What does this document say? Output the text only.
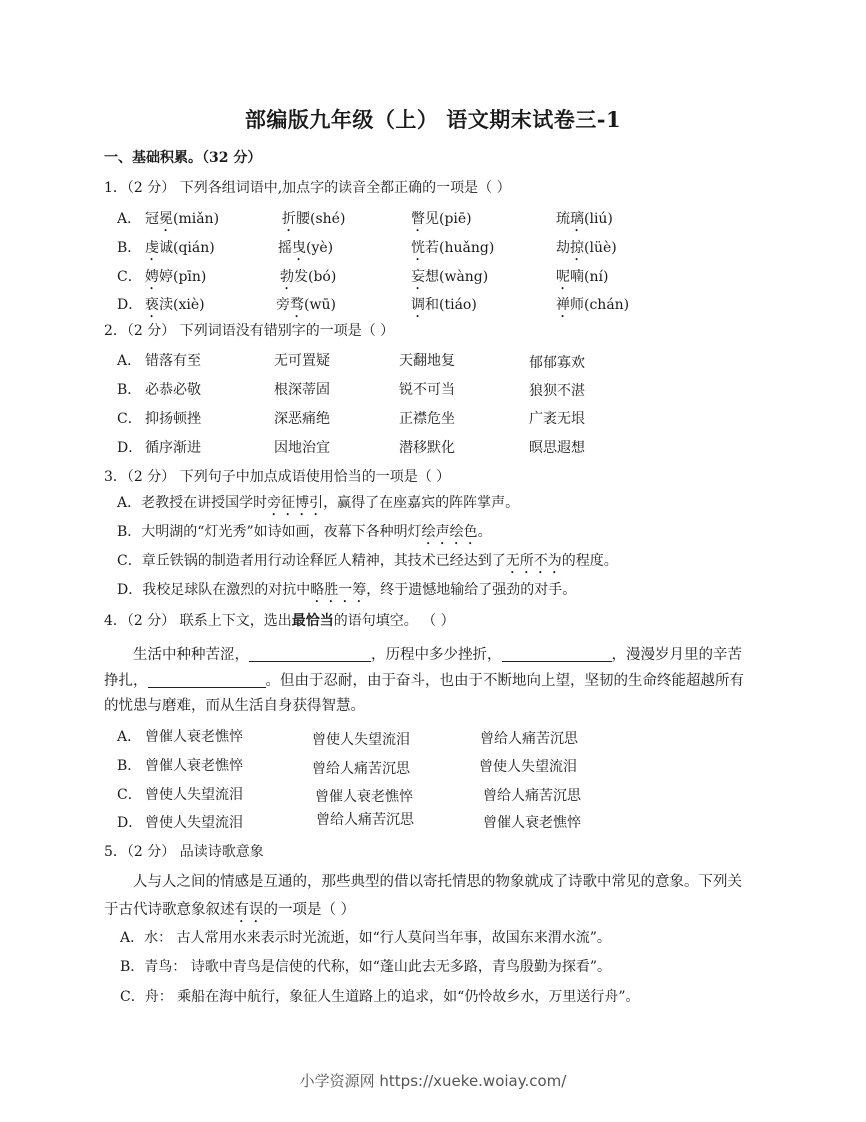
部编版九年级（上） 语文期末试卷三-1
一、基础积累。（32 分）
1．（2 分） 下列各组词语中,加点字的读音全都正确的一项是（ ）
A． 冠冕(miǎn)	折腰(shé)	瞥见(piē)	琉璃(liú)
B． 虔诚(qián)	摇曳(yè)	恍若(huǎng)	劫掠(lüè)
C． 娉婷(pīn)	勃发(bó)	妄想(wàng)	呢喃(ní)
D． 亵渎(xiè)	旁骛(wū)	调和(tiáo)	禅师(chán)
2．（2 分） 下列词语没有错别字的一项是（ ）
A． 错落有至	无可置疑	天翻地复	郁郁寡欢
B． 必恭必敬	根深蒂固	锐不可当	狼狈不湛
C． 抑扬顿挫	深恶痛绝	正襟危坐	广袤无垠
D． 循序渐进	因地治宜	潜移默化	暝思遐想
3．（2 分） 下列句子中加点成语使用恰当的一项是（ ）
A．老教授在讲授国学时旁征博引，赢得了在座嘉宾的阵阵掌声。
B．大明湖的“灯光秀”如诗如画，夜幕下各种明灯绘声绘色。
C．章丘铁锅的制造者用行动诠释匠人精神，其技术已经达到了无所不为的程度。
D．我校足球队在激烈的对抗中略胜一筹，终于遗憾地输给了强劲的对手。
4．（2 分） 联系上下文，选出最恰当的语句填空。 （ ）
生活中种种苦涩，	，历程中多少挫折，	，漫漫岁月里的辛苦
挣扎，	。但由于忍耐，由于奋斗，也由于不断地向上望，坚韧的生命终能超越所有
的忧患与磨难，而从生活自身获得智慧。
A． 曾催人衰老憔悴	曾使人失望流泪	曾给人痛苦沉思
B． 曾催人衰老憔悴	曾给人痛苦沉思	曾使人失望流泪
C． 曾使人失望流泪	曾催人衰老憔悴	曾给人痛苦沉思
D． 曾使人失望流泪	曾给人痛苦沉思	曾催人衰老憔悴
5．（2 分） 品读诗歌意象
人与人之间的情感是互通的，那些典型的借以寄托情思的物象就成了诗歌中常见的意象。下列关
于古代诗歌意象叙述有误的一项是（ ）
A．水： 古人常用水来表示时光流逝，如“行人莫问当年事，故国东来渭水流”。
B．青鸟： 诗歌中青鸟是信使的代称，如“蓬山此去无多路，青鸟殷勤为探看”。
C．舟： 乘船在海中航行，象征人生道路上的追求，如“仍怜故乡水，万里送行舟”。
小学资源网 https://xueke.woiay.com/
